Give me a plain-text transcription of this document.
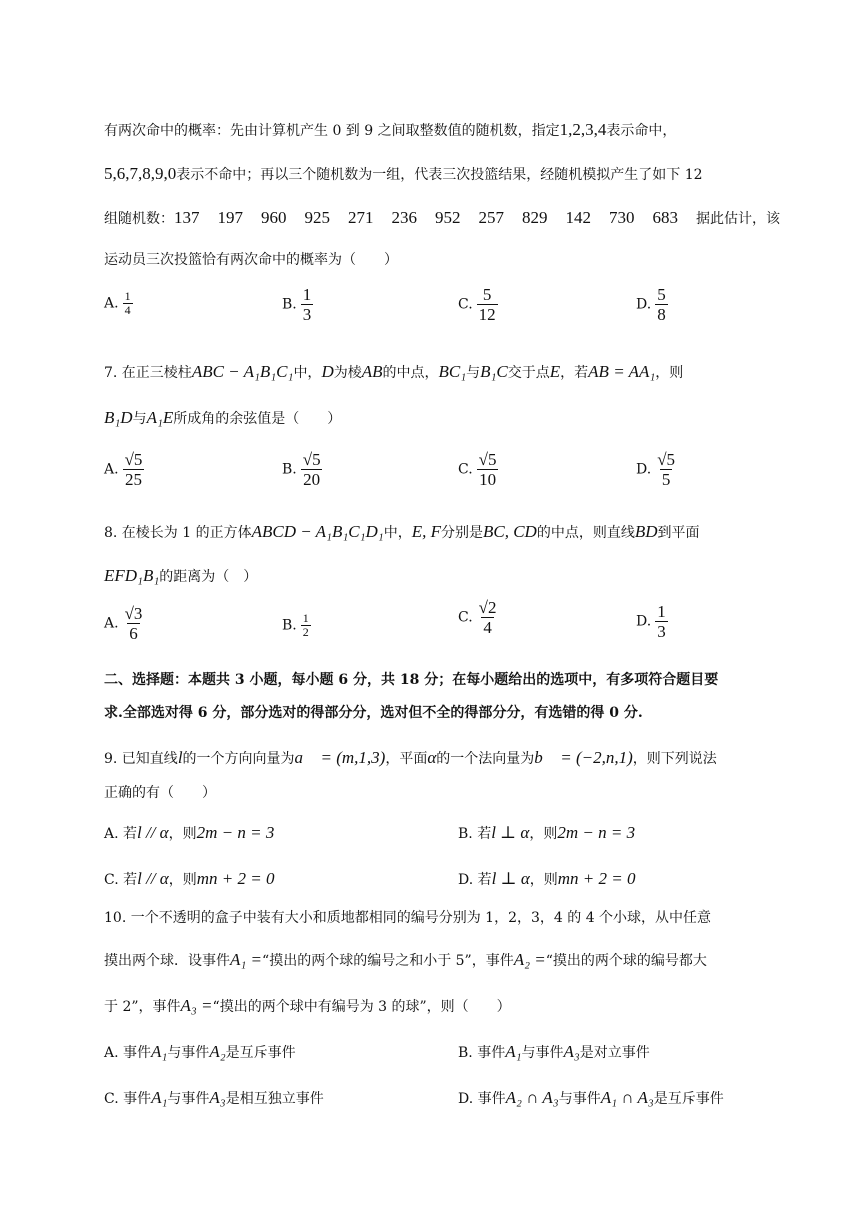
有两次命中的概率：先由计算机产生 0 到 9 之间取整数值的随机数，指定1,2,3,4表示命中，
5,6,7,8,9,0表示不命中；再以三个随机数为一组，代表三次投篮结果，经随机模拟产生了如下 12
组随机数：137 197 960 925 271 236 952 257 829 142 730 683 据此估计，该
运动员三次投篮恰有两次命中的概率为（　　）
A. $\frac{1}{4}$	B. $\frac{1}{3}$	C. $\frac{5}{12}$	D. $\frac{5}{8}$
7. 在正三棱柱ABC − A₁B₁C₁中，D为棱AB的中点，BC₁与B₁C交于点E，若AB = AA₁，则
B₁D与A₁E所成角的余弦值是（　　）
A. $\frac{√5}{25}$	B. $\frac{√5}{20}$	C. $\frac{√5}{10}$	D. $\frac{√5}{5}$
8. 在棱长为 1 的正方体ABCD − A₁B₁C₁D₁中，E, F分别是BC, CD的中点，则直线BD到平面
EFD₁B₁的距离为（　）
A. $\frac{√3}{6}$	B. $\frac{1}{2}$	C. $\frac{√2}{4}$	D. $\frac{1}{3}$
二、选择题：本题共 3 小题，每小题 6 分，共 18 分；在每小题给出的选项中，有多项符合题目要
求.全部选对得 6 分，部分选对的得部分分，选对但不全的得部分分，有选错的得 0 分.
9. 已知直线l的一个方向向量为a⃗ = (m,1,3)，平面α的一个法向量为b⃗ = (−2,n,1)，则下列说法
正确的有（　　）
A. 若l // α，则2m − n = 3	B. 若l ⊥ α，则2m − n = 3
C. 若l // α，则mn + 2 = 0	D. 若l ⊥ α，则mn + 2 = 0
10. 一个不透明的盒子中装有大小和质地都相同的编号分别为 1，2，3，4 的 4 个小球，从中任意
摸出两个球．设事件A₁ =“摸出的两个球的编号之和小于 5”，事件A₂ =“摸出的两个球的编号都大
于 2”，事件A₃ =“摸出的两个球中有编号为 3 的球”，则（　　）
A. 事件A₁与事件A₂是互斥事件	B. 事件A₁与事件A₃是对立事件
C. 事件A₁与事件A₃是相互独立事件	D. 事件A₂ ∩ A₃与事件A₁ ∩ A₃是互斥事件
